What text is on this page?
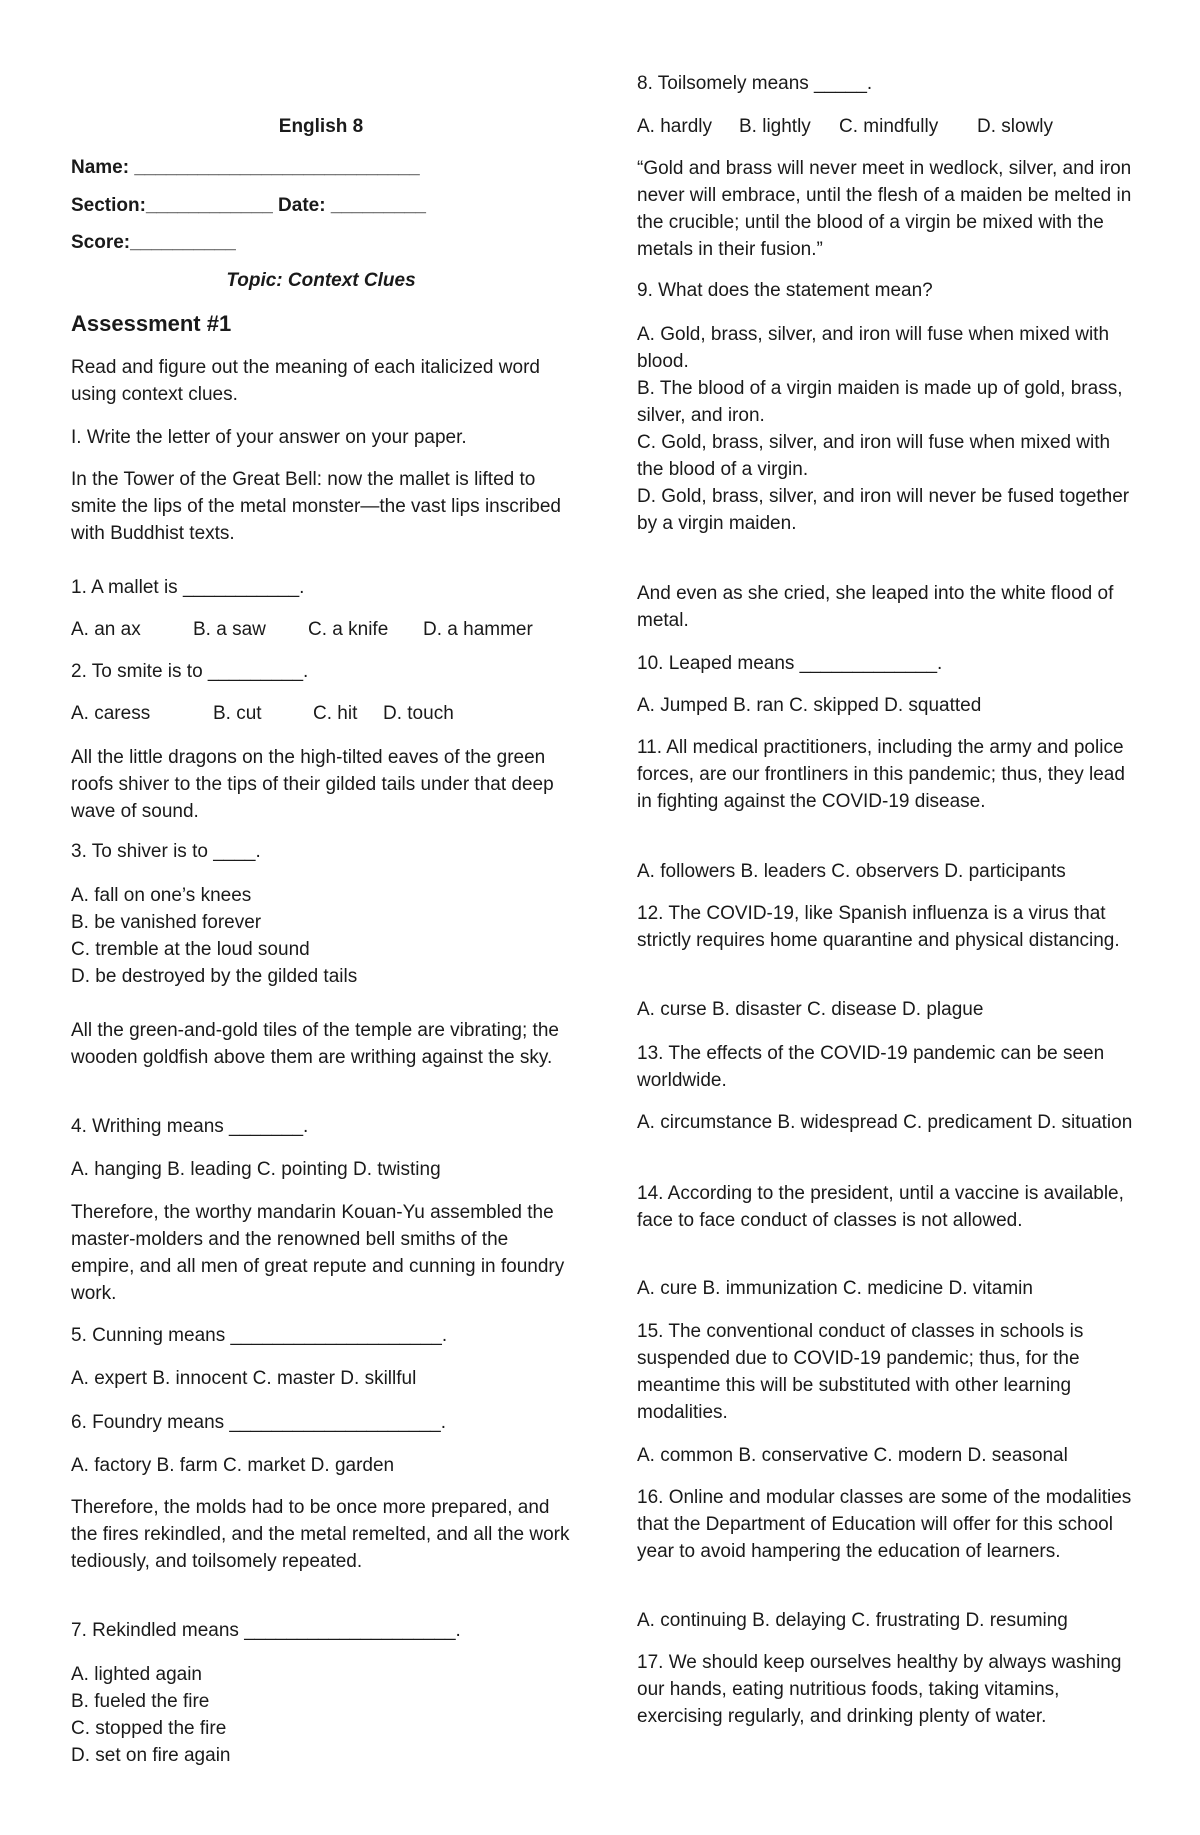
English 8

Name: ___________________________

Section:____________ Date: _________

Score:__________

Topic: Context Clues

Assessment #1

Read and figure out the meaning of each italicized word using context clues.

I. Write the letter of your answer on your paper.

In the Tower of the Great Bell: now the mallet is lifted to smite the lips of the metal monster—the vast lips inscribed with Buddhist texts.

1. A mallet is ___________.

A. an ax	B. a saw C. a knife D. a hammer

2. To smite is to _________.

A. caress	B. cut	C. hit D. touch

All the little dragons on the high-tilted eaves of the green roofs shiver to the tips of their gilded tails under that deep wave of sound.

3. To shiver is to ____.

A. fall on one’s knees

B. be vanished forever

C. tremble at the loud sound

D. be destroyed by the gilded tails

All the green-and-gold tiles of the temple are vibrating; the wooden goldfish above them are writhing against the sky.

4. Writhing means _______.

A. hanging B. leading C. pointing D. twisting

Therefore, the worthy mandarin Kouan-Yu assembled the master-molders and the renowned bell smiths of the empire, and all men of great repute and cunning in foundry work.

5. Cunning means ____________________.

A. expert B. innocent C. master D. skillful

6. Foundry means ____________________.

A. factory B. farm C. market D. garden

Therefore, the molds had to be once more prepared, and the fires rekindled, and the metal remelted, and all the work tediously, and toilsomely repeated.

7. Rekindled means ____________________.

A. lighted again

B. fueled the fire

C. stopped the fire

D. set on fire again

8. Toilsomely means _____.

A. hardly B. lightly C. mindfully D. slowly

“Gold and brass will never meet in wedlock, silver, and iron never will embrace, until the flesh of a maiden be melted in the crucible; until the blood of a virgin be mixed with the metals in their fusion.”

9. What does the statement mean?

A. Gold, brass, silver, and iron will fuse when mixed with blood.

B. The blood of a virgin maiden is made up of gold, brass, silver, and iron.

C. Gold, brass, silver, and iron will fuse when mixed with the blood of a virgin.

D. Gold, brass, silver, and iron will never be fused together by a virgin maiden.

And even as she cried, she leaped into the white flood of metal.

10. Leaped means _____________.

A. Jumped B. ran C. skipped D. squatted

11. All medical practitioners, including the army and police forces, are our frontliners in this pandemic; thus, they lead in fighting against the COVID-19 disease.

A. followers B. leaders C. observers D. participants

12. The COVID-19, like Spanish influenza is a virus that strictly requires home quarantine and physical distancing.

A. curse B. disaster C. disease D. plague

13. The effects of the COVID-19 pandemic can be seen worldwide.

A. circumstance B. widespread C. predicament D. situation

14. According to the president, until a vaccine is available, face to face conduct of classes is not allowed.

A. cure B. immunization C. medicine D. vitamin

15. The conventional conduct of classes in schools is suspended due to COVID-19 pandemic; thus, for the meantime this will be substituted with other learning modalities.

A. common B. conservative C. modern D. seasonal

16. Online and modular classes are some of the modalities that the Department of Education will offer for this school year to avoid hampering the education of learners.

A. continuing B. delaying C. frustrating D. resuming

17. We should keep ourselves healthy by always washing our hands, eating nutritious foods, taking vitamins, exercising regularly, and drinking plenty of water.
